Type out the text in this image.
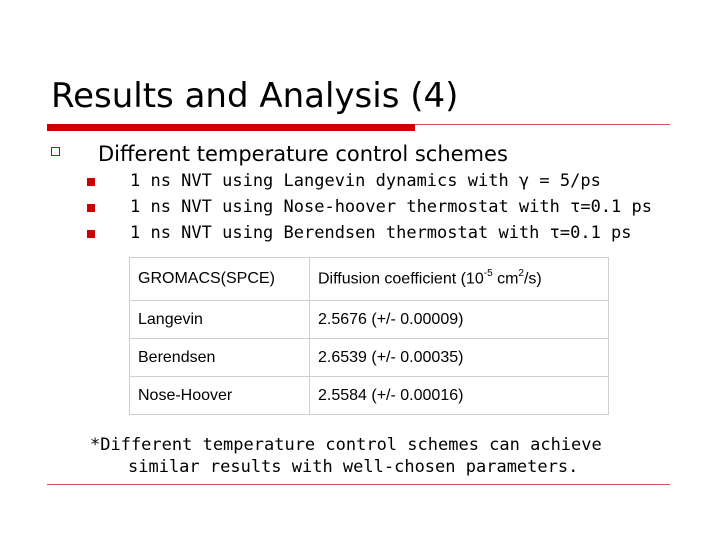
Results and Analysis (4)
Different temperature control schemes
1 ns NVT using Langevin dynamics with γ = 5/ps
1 ns NVT using Nose-hoover thermostat with τ=0.1 ps
1 ns NVT using Berendsen thermostat with τ=0.1 ps
GROMACS(SPCE)	Diffusion coefficient ($10^{-5}$ $cm^2/s$)
Langevin	2.5676 (+/- 0.00009)
Berendsen	2.6539 (+/- 0.00035)
Nose-Hoover	2.5584 (+/- 0.00016)
*Different temperature control schemes can achieve
similar results with well-chosen parameters.
